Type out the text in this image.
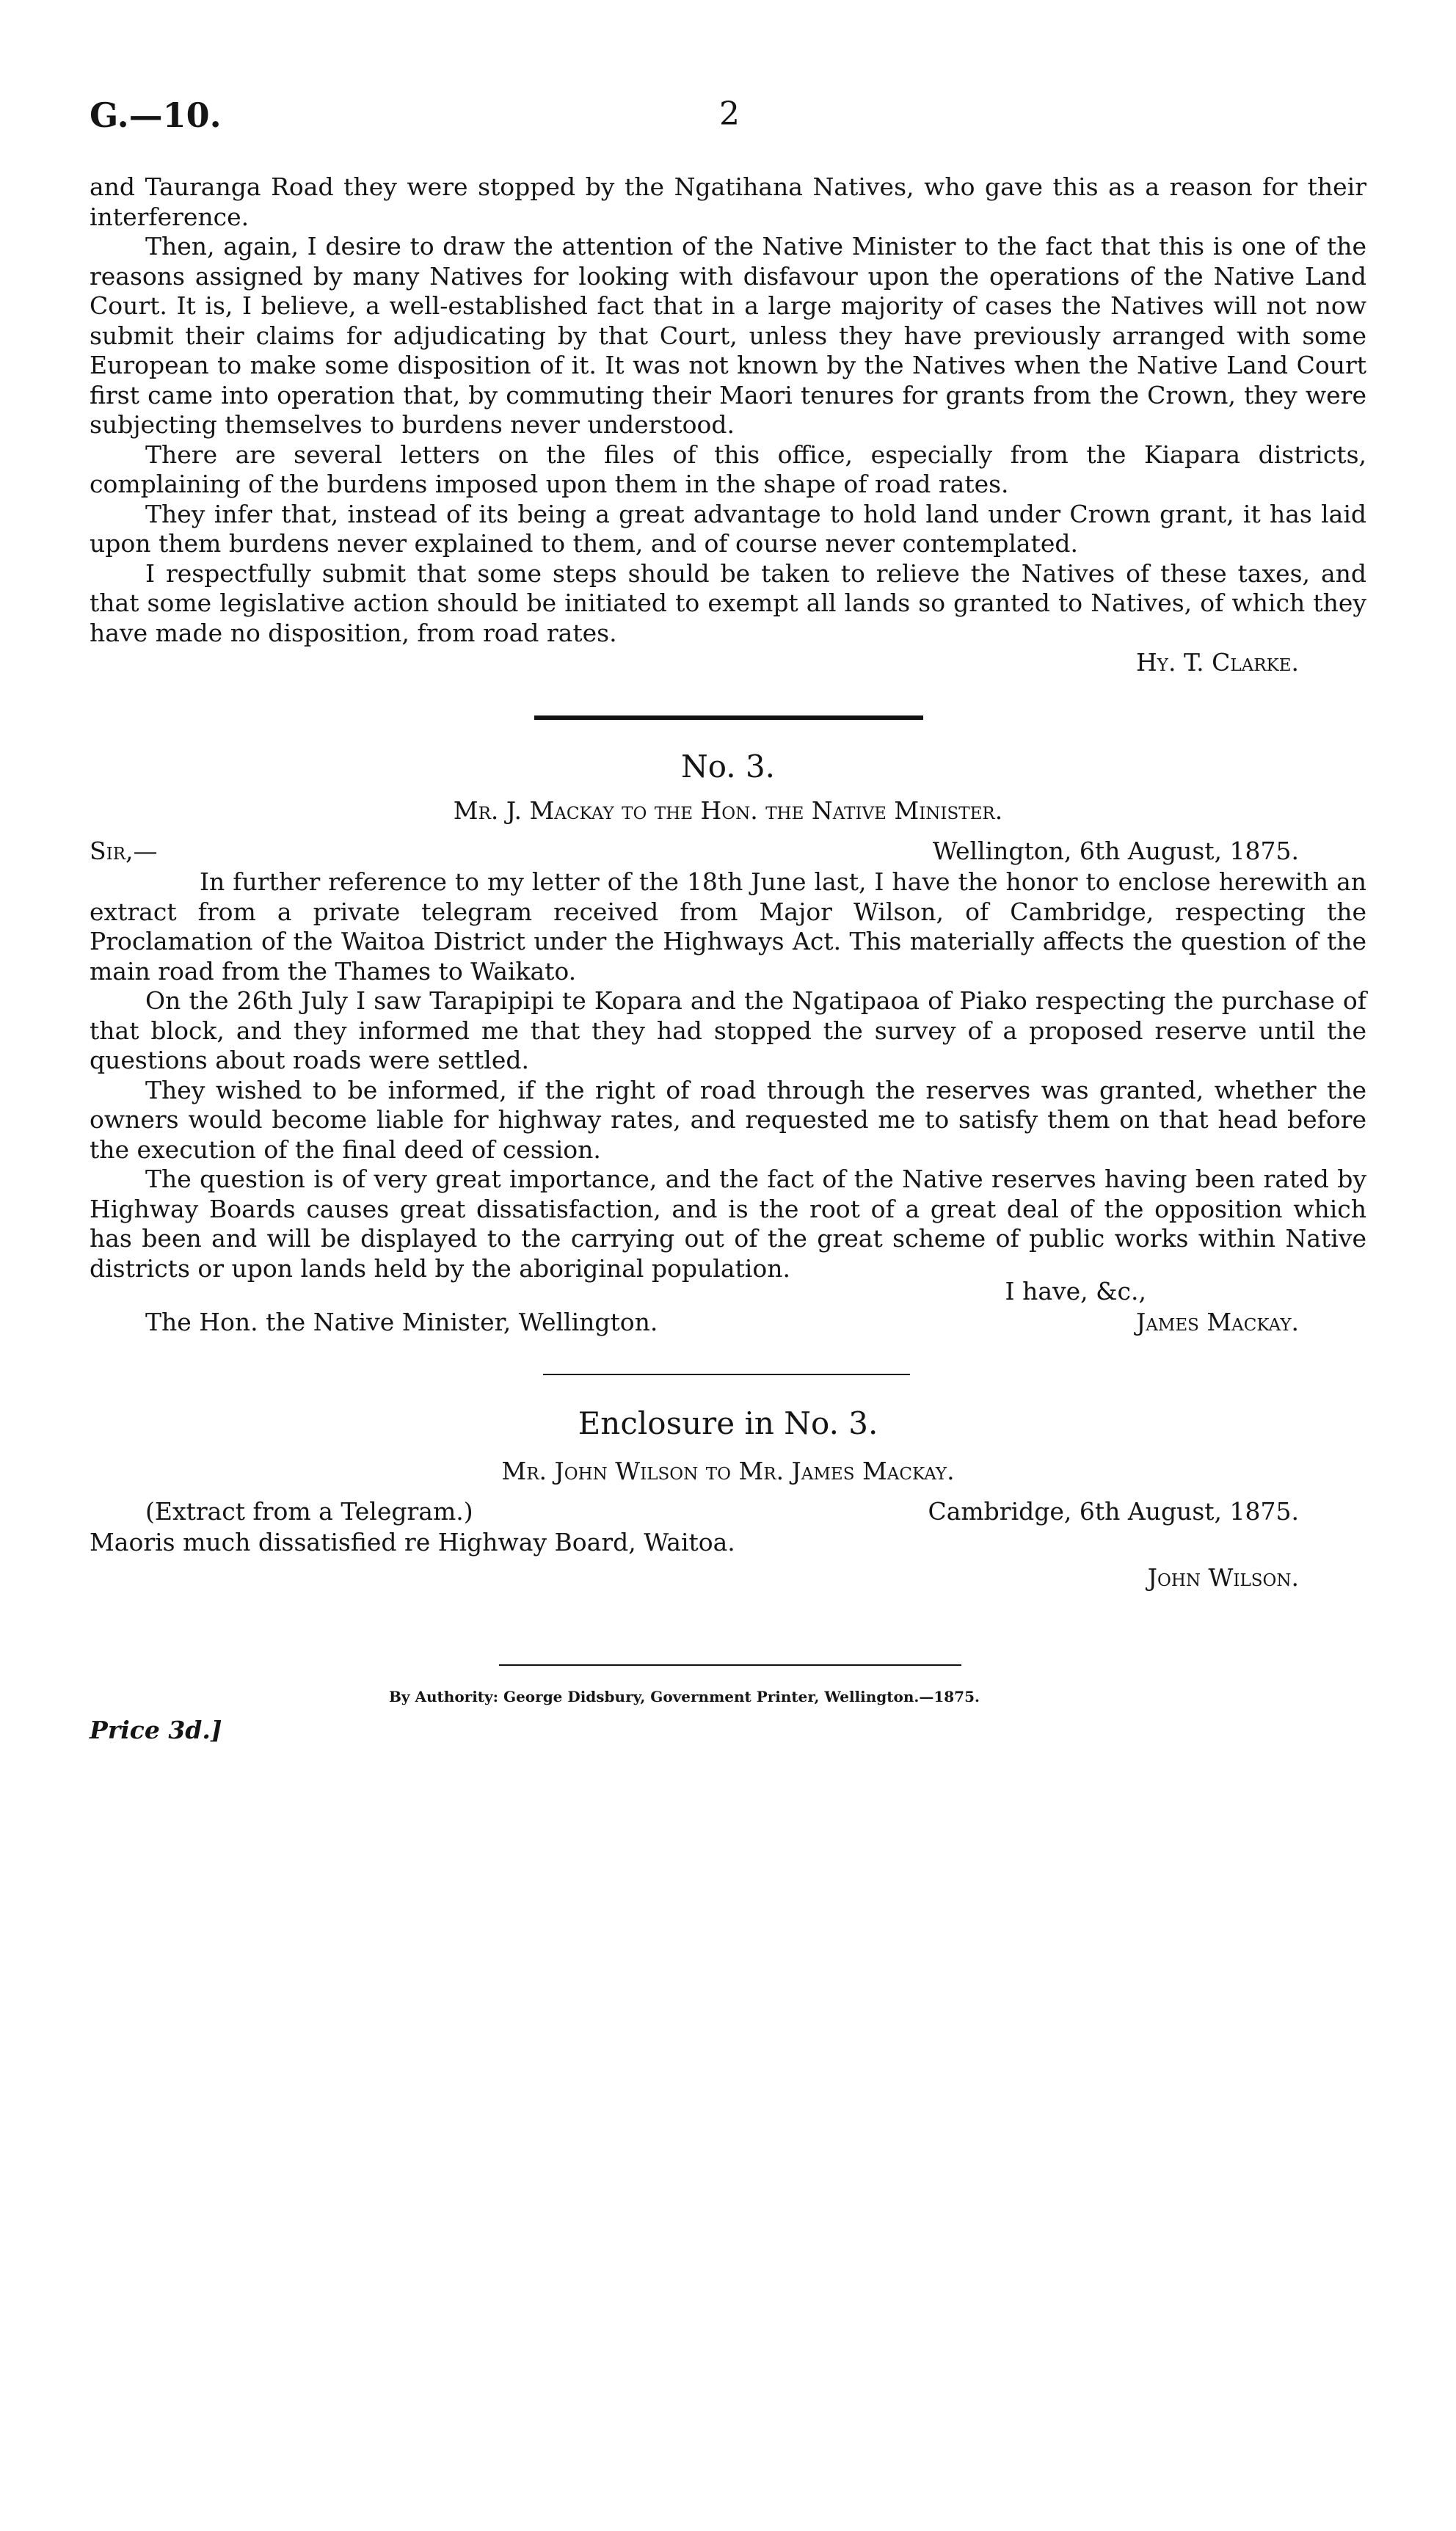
G.—10.	2

and Tauranga Road they were stopped by the Ngatihana Natives, who gave this as a reason for their interference.

Then, again, I desire to draw the attention of the Native Minister to the fact that this is one of the reasons assigned by many Natives for looking with disfavour upon the operations of the Native Land Court. It is, I believe, a well-established fact that in a large majority of cases the Natives will not now submit their claims for adjudicating by that Court, unless they have previously arranged with some European to make some disposition of it. It was not known by the Natives when the Native Land Court first came into operation that, by commuting their Maori tenures for grants from the Crown, they were subjecting themselves to burdens never understood.

There are several letters on the files of this office, especially from the Kiapara districts, complaining of the burdens imposed upon them in the shape of road rates.

They infer that, instead of its being a great advantage to hold land under Crown grant, it has laid upon them burdens never explained to them, and of course never contemplated.

I respectfully submit that some steps should be taken to relieve the Natives of these taxes, and that some legislative action should be initiated to exempt all lands so granted to Natives, of which they have made no disposition, from road rates.

Hy. T. Clarke.

No. 3.
Mr. J. Mackay to the Hon. the Native Minister.
Sir,—	Wellington, 6th August, 1875.

In further reference to my letter of the 18th June last, I have the honor to enclose herewith an extract from a private telegram received from Major Wilson, of Cambridge, respecting the Proclamation of the Waitoa District under the Highways Act. This materially affects the question of the main road from the Thames to Waikato.

On the 26th July I saw Tarapipipi te Kopara and the Ngatipaoa of Piako respecting the purchase of that block, and they informed me that they had stopped the survey of a proposed reserve until the questions about roads were settled.

They wished to be informed, if the right of road through the reserves was granted, whether the owners would become liable for highway rates, and requested me to satisfy them on that head before the execution of the final deed of cession.

The question is of very great importance, and the fact of the Native reserves having been rated by Highway Boards causes great dissatisfaction, and is the root of a great deal of the opposition which has been and will be displayed to the carrying out of the great scheme of public works within Native districts or upon lands held by the aboriginal population.

I have, &c.,
The Hon. the Native Minister, Wellington.	James Mackay.
Enclosure in No. 3.
Mr. John Wilson to Mr. James Mackay.
(Extract from a Telegram.)	Cambridge, 6th August, 1875.
Maoris much dissatisfied re Highway Board, Waitoa.
John Wilson.
By Authority: George Didsbury, Government Printer, Wellington.—1875.
Price 3d.]
